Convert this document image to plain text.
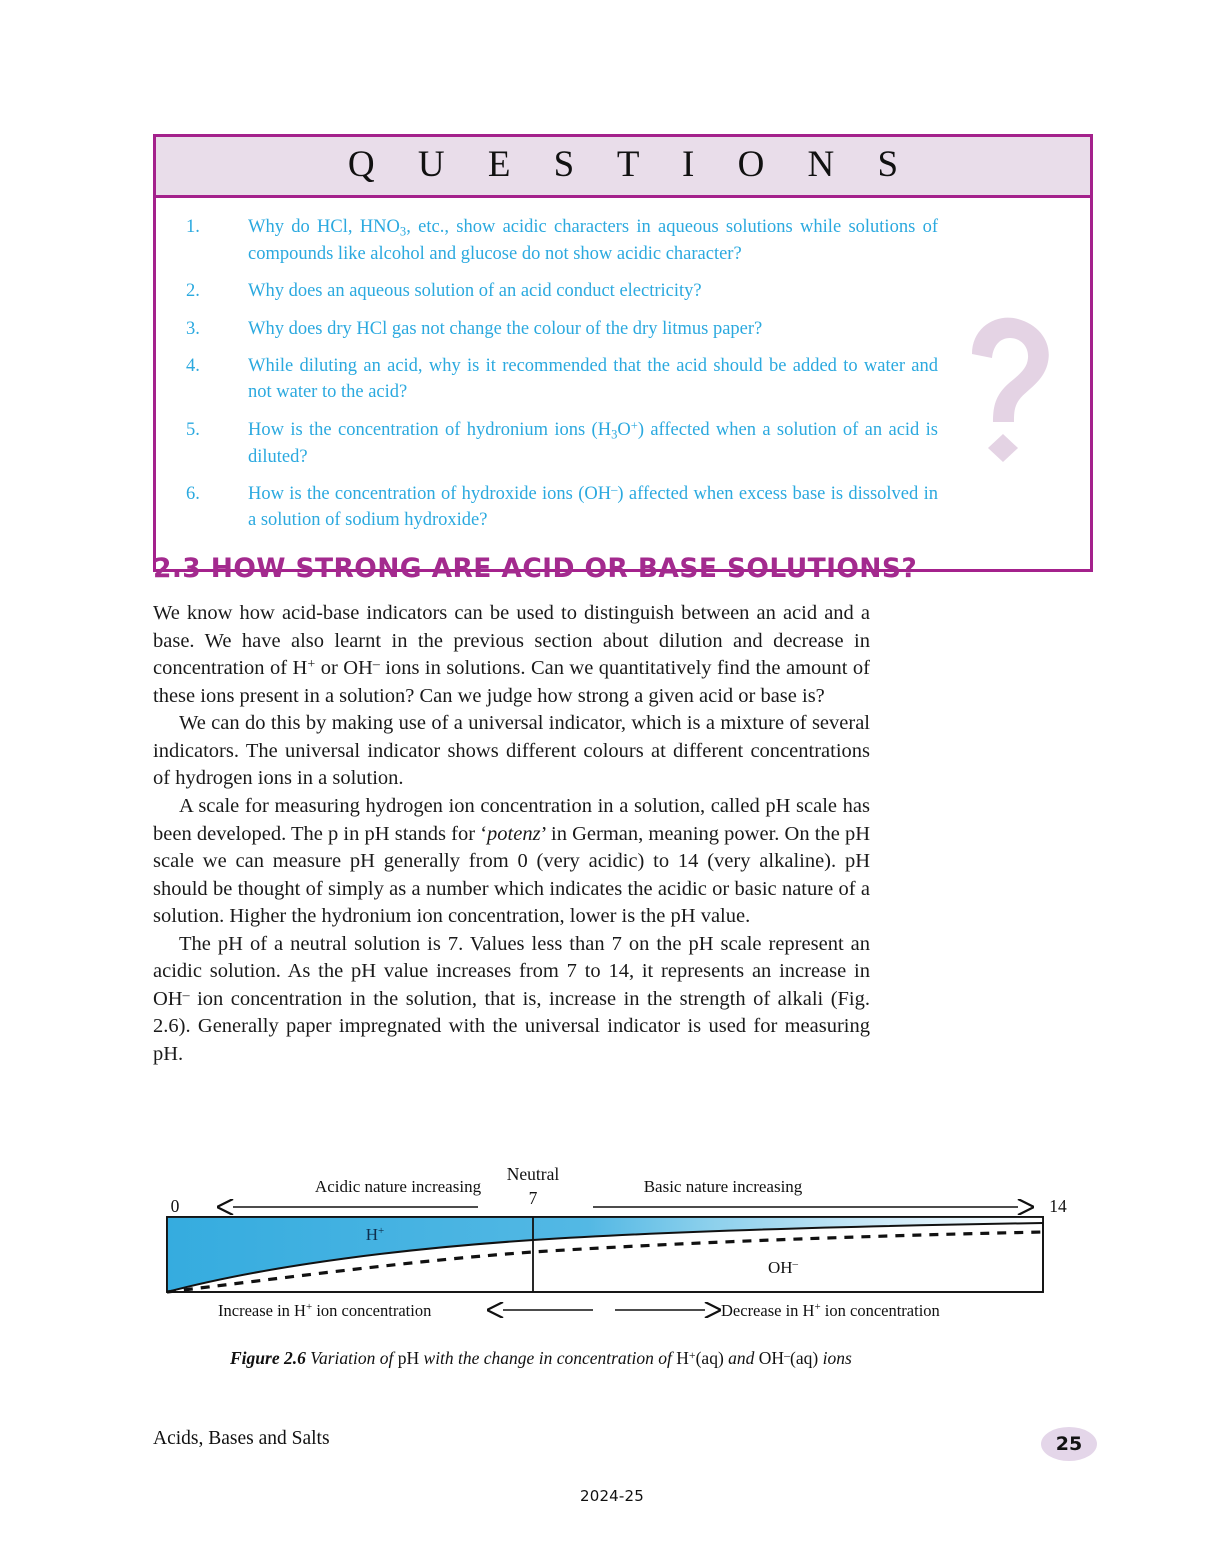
Q U E S T I O N S
1.	Why do HCl, $HNO_3$, etc., show acidic characters in aqueous solutions while solutions of compounds like alcohol and glucose do not show acidic character?
2.	Why does an aqueous solution of an acid conduct electricity?
3.	Why does dry HCl gas not change the colour of the dry litmus paper?
4.	While diluting an acid, why is it recommended that the acid should be added to water and not water to the acid?
5.	How is the concentration of hydronium ions $(H_3O^+)$ affected when a solution of an acid is diluted?
6.	How is the concentration of hydroxide ions (OH–) affected when excess base is dissolved in a solution of sodium hydroxide?
2.3 HOW STRONG ARE ACID OR BASE SOLUTIONS?

We know how acid-base indicators can be used to distinguish between an acid and a base. We have also learnt in the previous section about dilution and decrease in concentration of H+ or OH– ions in solutions. Can we quantitatively find the amount of these ions present in a solution? Can we judge how strong a given acid or base is?

We can do this by making use of a universal indicator, which is a mixture of several indicators. The universal indicator shows different colours at different concentrations of hydrogen ions in a solution.

A scale for measuring hydrogen ion concentration in a solution, called pH scale has been developed. The p in pH stands for ‘potenz’ in German, meaning power. On the pH scale we can measure pH generally from 0 (very acidic) to 14 (very alkaline). pH should be thought of simply as a number which indicates the acidic or basic nature of a solution. Higher the hydronium ion concentration, lower is the pH value.

The pH of a neutral solution is 7. Values less than 7 on the pH scale represent an acidic solution. As the pH value increases from 7 to 14, it represents an increase in OH– ion concentration in the solution, that is, increase in the strength of alkali (Fig. 2.6). Generally paper impregnated with the universal indicator is used for measuring pH.

Neutral
7
Acidic nature increasing	Basic nature increasing
0	14
H+
OH–
Increase in H+ ion concentration	Decrease in H+ ion concentration
Figure 2.6 Variation of pH with the change in concentration of H+(aq) and OH–(aq) ions
Acids, Bases and Salts	25
2024-25
